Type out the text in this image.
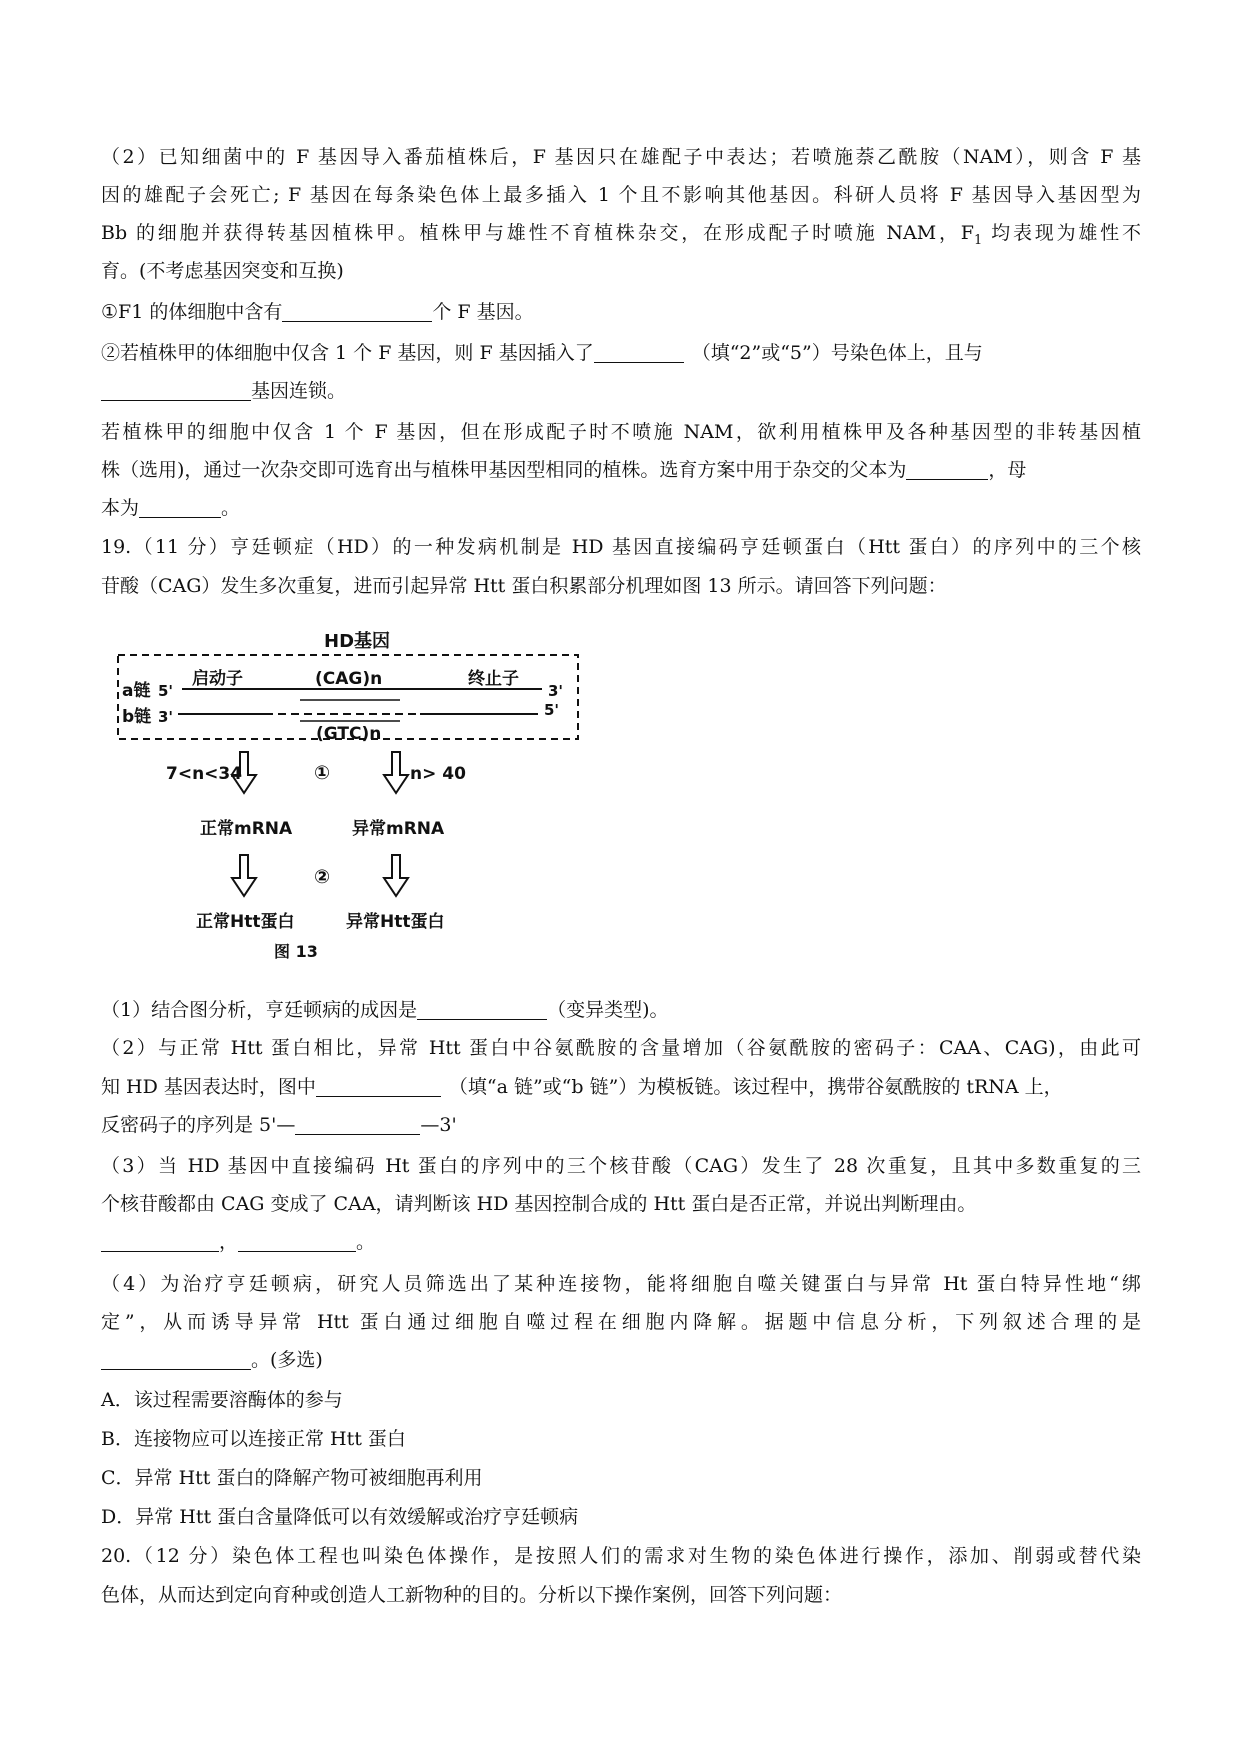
（2）已知细菌中的 F 基因导入番茄植株后，F 基因只在雄配子中表达；若喷施萘乙酰胺（NAM），则含 F 基
因的雄配子会死亡; F 基因在每条染色体上最多插入 1 个且不影响其他基因。科研人员将 F 基因导入基因型为
Bb 的细胞并获得转基因植株甲。植株甲与雄性不育植株杂交，在形成配子时喷施 NAM，$F_1$ 均表现为雄性不
育。(不考虑基因突变和互换)
①F1 的体细胞中含有	个 F 基因。
②若植株甲的体细胞中仅含 1 个 F 基因，则 F 基因插入了	（填“2”或“5”）号染色体上，且与
基因连锁。
若植株甲的细胞中仅含 1 个 F 基因，但在形成配子时不喷施 NAM，欲利用植株甲及各种基因型的非转基因植
株（选用)，通过一次杂交即可选育出与植株甲基因型相同的植株。选育方案中用于杂交的父本为	，母
本为	。
19.（11 分）亨廷顿症（HD）的一种发病机制是 HD 基因直接编码亨廷顿蛋白（Htt 蛋白）的序列中的三个核
苷酸（CAG）发生多次重复，进而引起异常 Htt 蛋白积累部分机理如图 13 所示。请回答下列问题：
HD基因
a链
b链
5'
3'
3'
5'
启动子	(CAG)n	终止子
(GTC)n
7<n<34	n> 40
①
正常mRNA	异常mRNA
②
正常Htt蛋白	异常Htt蛋白
图 13
（1）结合图分析，亨廷顿病的成因是	（变异类型)。
（2）与正常 Htt 蛋白相比，异常 Htt 蛋白中谷氨酰胺的含量增加（谷氨酰胺的密码子：CAA、CAG)，由此可
知 HD 基因表达时，图中	（填“a 链”或“b 链”）为模板链。该过程中，携带谷氨酰胺的 tRNA 上，
反密码子的序列是 5'—	—3'
（3）当 HD 基因中直接编码 Ht 蛋白的序列中的三个核苷酸（CAG）发生了 28 次重复，且其中多数重复的三
个核苷酸都由 CAG 变成了 CAA，请判断该 HD 基因控制合成的 Htt 蛋白是否正常，并说出判断理由。
，	。
（4）为治疗亨廷顿病，研究人员筛选出了某种连接物，能将细胞自噬关键蛋白与异常 Ht 蛋白特异性地“绑
定”，从而诱导异常 Htt 蛋白通过细胞自噬过程在细胞内降解。据题中信息分析，下列叙述合理的是
。(多选)
A．该过程需要溶酶体的参与
B．连接物应可以连接正常 Htt 蛋白
C．异常 Htt 蛋白的降解产物可被细胞再利用
D．异常 Htt 蛋白含量降低可以有效缓解或治疗亨廷顿病
20.（12 分）染色体工程也叫染色体操作，是按照人们的需求对生物的染色体进行操作，添加、削弱或替代染
色体，从而达到定向育种或创造人工新物种的目的。分析以下操作案例，回答下列问题：
